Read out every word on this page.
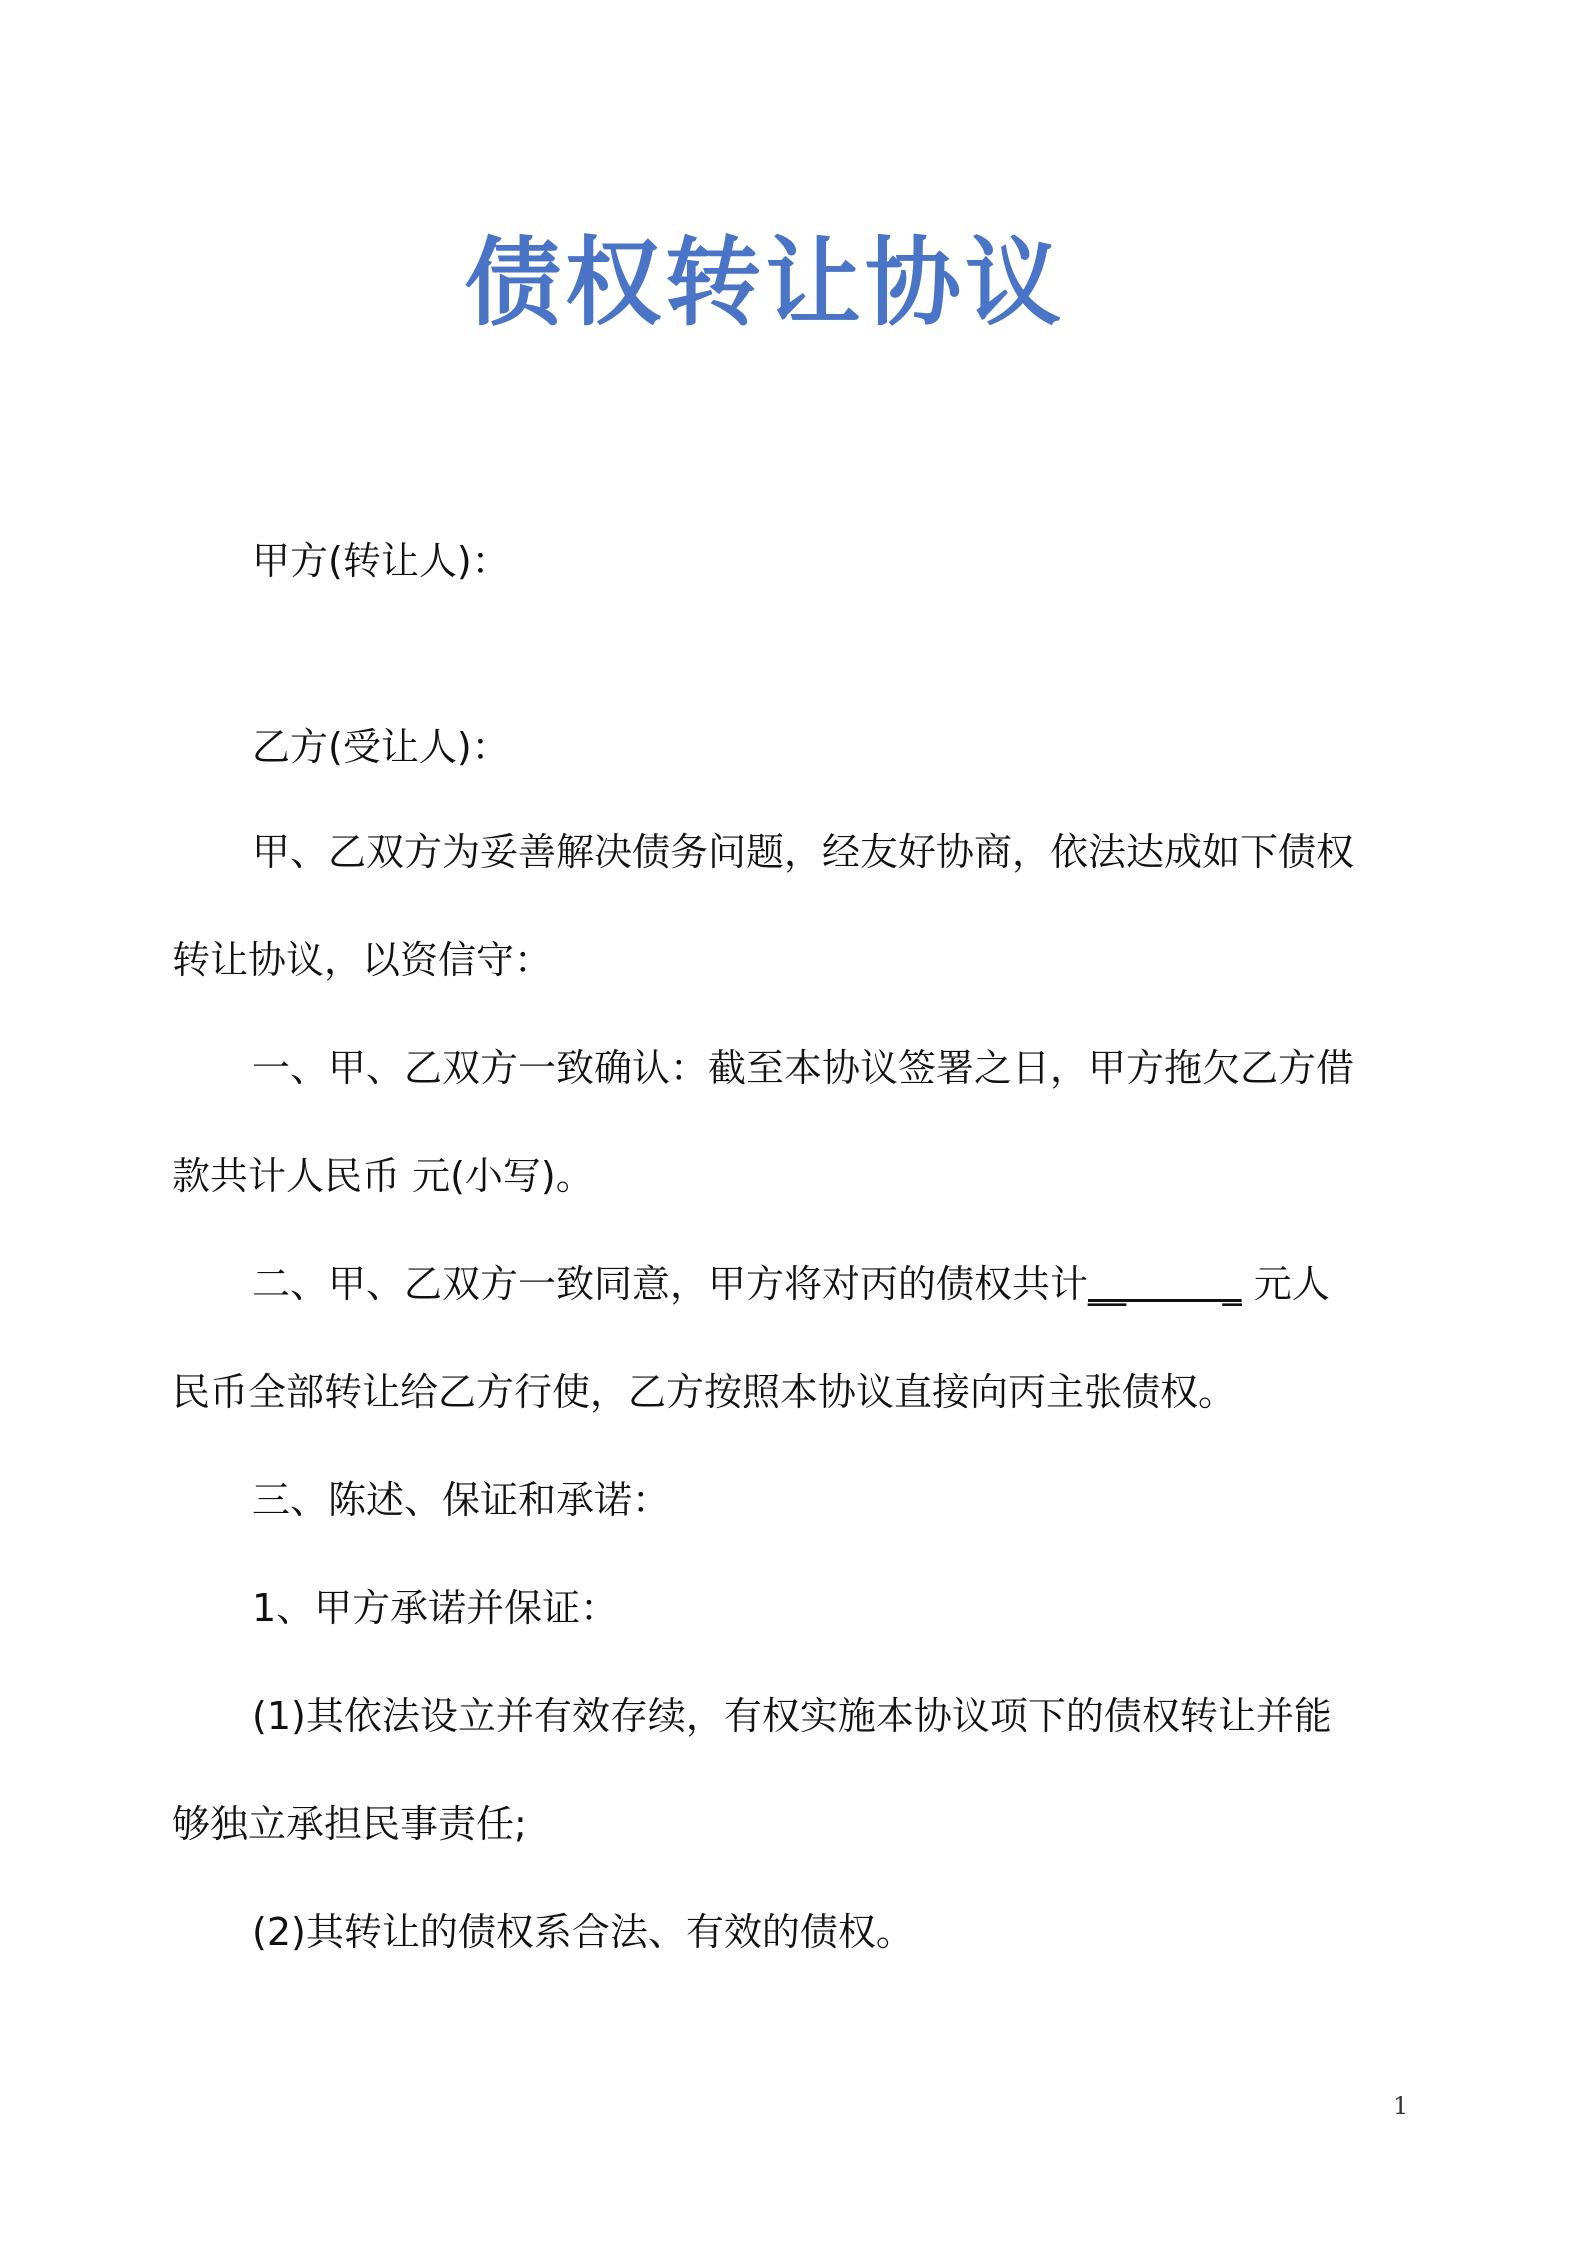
债权转让协议
甲方(转让人)：
乙方(受让人)：
甲、乙双方为妥善解决债务问题，经友好协商，依法达成如下债权
转让协议，以资信守：
一、甲、乙双方一致确认：截至本协议签署之日，甲方拖欠乙方借
款共计人民币 元(小写)。
二、甲、乙双方一致同意，甲方将对丙的债权共计__        _ 元人
民币全部转让给乙方行使，乙方按照本协议直接向丙主张债权。
三、陈述、保证和承诺：
1、甲方承诺并保证：
(1)其依法设立并有效存续，有权实施本协议项下的债权转让并能
够独立承担民事责任;
(2)其转让的债权系合法、有效的债权。
1
